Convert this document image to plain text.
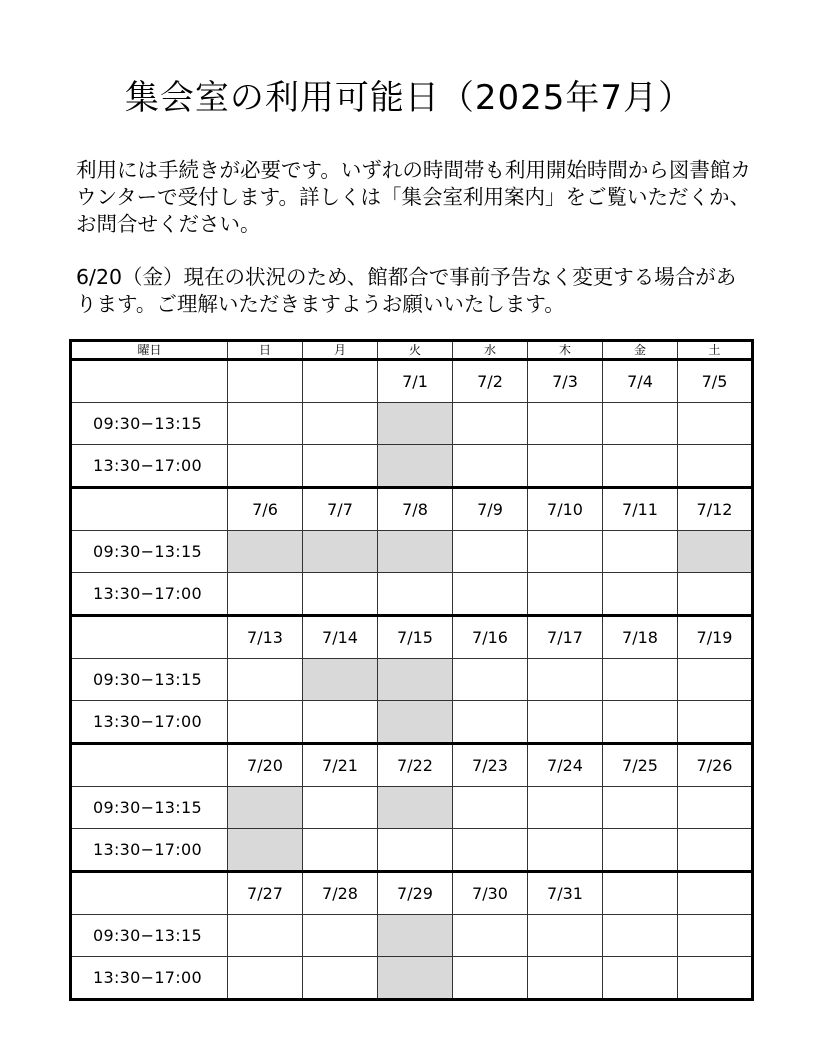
集会室の利用可能日（2025年7月）

利用には手続きが必要です。いずれの時間帯も利用開始時間から図書館カウンターで受付します。詳しくは「集会室利用案内」をご覧いただくか、お問合せください。

6/20（金）現在の状況のため、館都合で事前予告なく変更する場合があります。ご理解いただきますようお願いいたします。

曜日	日	月	火	水	木	金	土
			7/1	7/2	7/3	7/4	7/5
09:30−13:15							
13:30−17:00							
	7/6	7/7	7/8	7/9	7/10	7/11	7/12
09:30−13:15							
13:30−17:00							
	7/13	7/14	7/15	7/16	7/17	7/18	7/19
09:30−13:15							
13:30−17:00							
	7/20	7/21	7/22	7/23	7/24	7/25	7/26
09:30−13:15							
13:30−17:00							
	7/27	7/28	7/29	7/30	7/31		
09:30−13:15							
13:30−17:00							
